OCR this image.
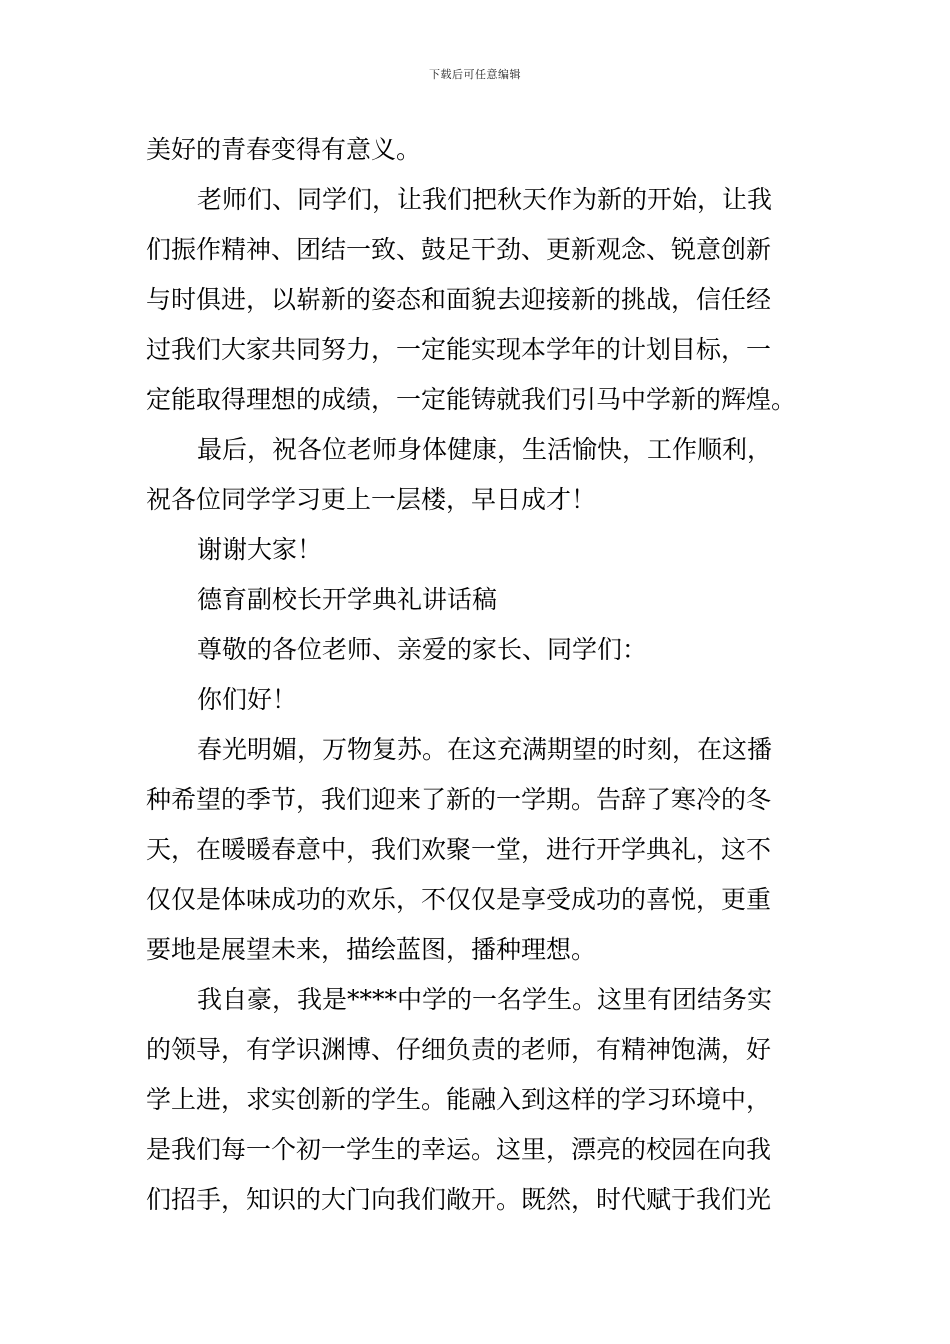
下载后可任意编辑
美好的青春变得有意义。
老师们、同学们，让我们把秋天作为新的开始，让我
们振作精神、团结一致、鼓足干劲、更新观念、锐意创新
与时俱进，以崭新的姿态和面貌去迎接新的挑战，信任经
过我们大家共同努力，一定能实现本学年的计划目标，一
定能取得理想的成绩，一定能铸就我们引马中学新的辉煌。
最后，祝各位老师身体健康，生活愉快，工作顺利，
祝各位同学学习更上一层楼，早日成才！
谢谢大家！
德育副校长开学典礼讲话稿
尊敬的各位老师、亲爱的家长、同学们：
你们好！
春光明媚，万物复苏。在这充满期望的时刻，在这播
种希望的季节，我们迎来了新的一学期。告辞了寒冷的冬
天，在暖暖春意中，我们欢聚一堂，进行开学典礼，这不
仅仅是体味成功的欢乐，不仅仅是享受成功的喜悦，更重
要地是展望未来，描绘蓝图，播种理想。
我自豪，我是****中学的一名学生。这里有团结务实
的领导，有学识渊博、仔细负责的老师，有精神饱满，好
学上进，求实创新的学生。能融入到这样的学习环境中，
是我们每一个初一学生的幸运。这里，漂亮的校园在向我
们招手，知识的大门向我们敞开。既然，时代赋于我们光
